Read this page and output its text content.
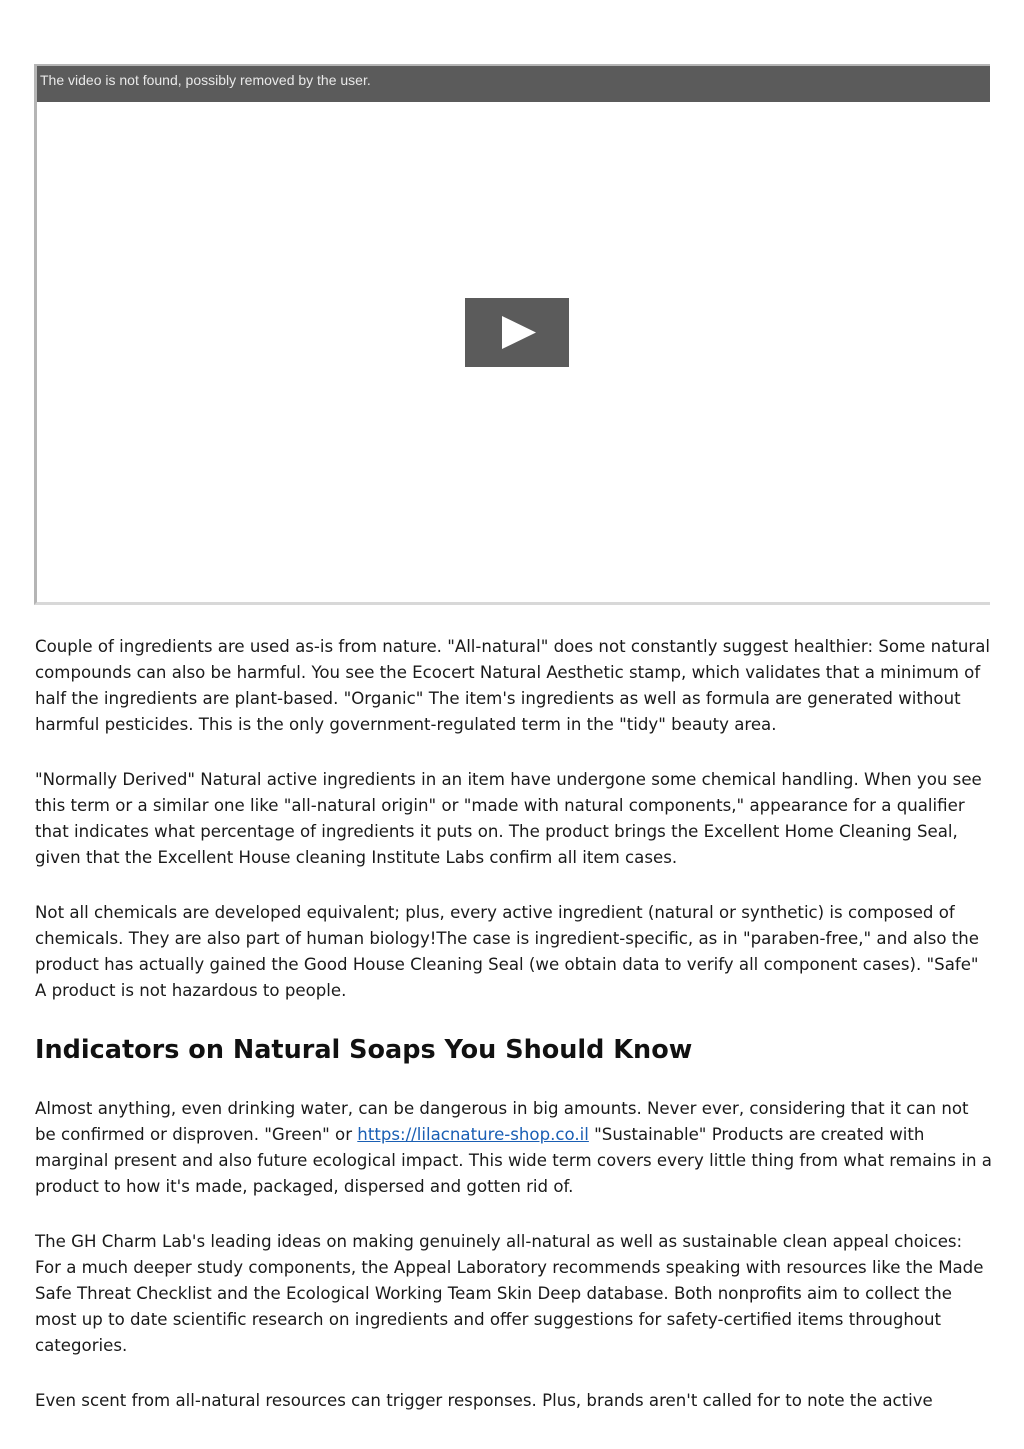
The video is not found, possibly removed by the user.

Couple of ingredients are used as-is from nature. "All-natural" does not constantly suggest healthier: Some natural compounds can also be harmful. You see the Ecocert Natural Aesthetic stamp, which validates that a minimum of half the ingredients are plant-based. "Organic" The item's ingredients as well as formula are generated without harmful pesticides. This is the only government-regulated term in the "tidy" beauty area.

"Normally Derived" Natural active ingredients in an item have undergone some chemical handling. When you see this term or a similar one like "all-natural origin" or "made with natural components," appearance for a qualifier that indicates what percentage of ingredients it puts on. The product brings the Excellent Home Cleaning Seal, given that the Excellent House cleaning Institute Labs confirm all item cases.

Not all chemicals are developed equivalent; plus, every active ingredient (natural or synthetic) is composed of chemicals. They are also part of human biology!The case is ingredient-specific, as in "paraben-free," and also the product has actually gained the Good House Cleaning Seal (we obtain data to verify all component cases). "Safe" A product is not hazardous to people.

Indicators on Natural Soaps You Should Know

Almost anything, even drinking water, can be dangerous in big amounts. Never ever, considering that it can not be confirmed or disproven. "Green" or https://lilacnature-shop.co.il "Sustainable" Products are created with marginal present and also future ecological impact. This wide term covers every little thing from what remains in a product to how it's made, packaged, dispersed and gotten rid of.

The GH Charm Lab's leading ideas on making genuinely all-natural as well as sustainable clean appeal choices: For a much deeper study components, the Appeal Laboratory recommends speaking with resources like the Made Safe Threat Checklist and the Ecological Working Team Skin Deep database. Both nonprofits aim to collect the most up to date scientific research on ingredients and offer suggestions for safety-certified items throughout categories.

Even scent from all-natural resources can trigger responses. Plus, brands aren't called for to note the active
